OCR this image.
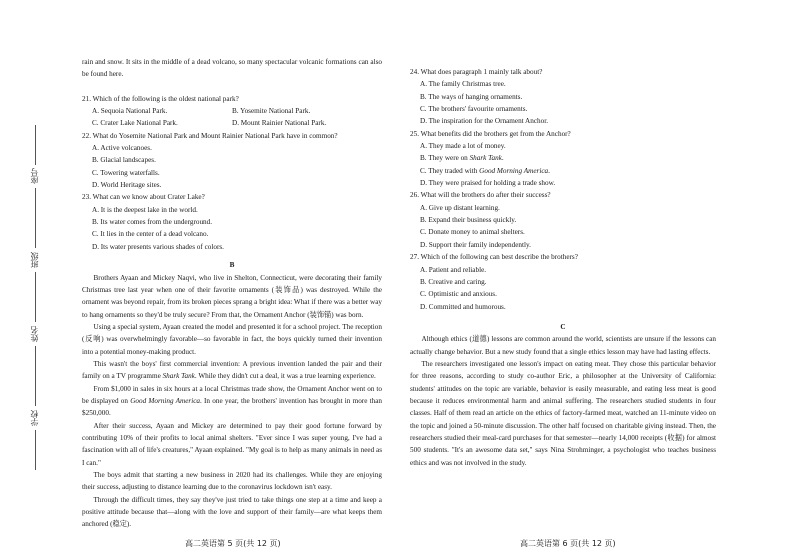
座号
班级
姓名
学校

rain and snow. It sits in the middle of a dead volcano, so many spectacular volcanic formations can also be found here.

21. Which of the following is the oldest national park?

A. Sequoia National Park.	B. Yosemite National Park.
C. Crater Lake National Park.	D. Mount Rainier National Park.

22. What do Yosemite National Park and Mount Rainier National Park have in common?

A. Active volcanoes.

B. Glacial landscapes.

C. Towering waterfalls.

D. World Heritage sites.

23. What can we know about Crater Lake?

A. It is the deepest lake in the world.

B. Its water comes from the underground.

C. It lies in the center of a dead volcano.

D. Its water presents various shades of colors.

B

Brothers Ayaan and Mickey Naqvi, who live in Shelton, Connecticut, were decorating their family Christmas tree last year when one of their favorite ornaments (装饰品) was destroyed. While the ornament was beyond repair, from its broken pieces sprang a bright idea: What if there was a better way to hang ornaments so they'd be truly secure? From that, the Ornament Anchor (装饰锚) was born.

Using a special system, Ayaan created the model and presented it for a school project. The reception (反响) was overwhelmingly favorable—so favorable in fact, the boys quickly turned their invention into a potential money-making product.

This wasn't the boys' first commercial invention: A previous invention landed the pair and their family on a TV programme Shark Tank. While they didn't cut a deal, it was a true learning experience.

From $1,000 in sales in six hours at a local Christmas trade show, the Ornament Anchor went on to be displayed on Good Morning America. In one year, the brothers' invention has brought in more than $250,000.

After their success, Ayaan and Mickey are determined to pay their good fortune forward by contributing 10% of their profits to local animal shelters. "Ever since I was super young, I've had a fascination with all of life's creatures," Ayaan explained. "My goal is to help as many animals in need as I can."

The boys admit that starting a new business in 2020 had its challenges. While they are enjoying their success, adjusting to distance learning due to the coronavirus lockdown isn't easy.

Through the difficult times, they say they've just tried to take things one step at a time and keep a positive attitude because that—along with the love and support of their family—are what keeps them anchored (稳定).

高二英语第 5 页(共 12 页)

24. What does paragraph 1 mainly talk about?

A. The family Christmas tree.

B. The ways of hanging ornaments.

C. The brothers' favourite ornaments.

D. The inspiration for the Ornament Anchor.

25. What benefits did the brothers get from the Anchor?

A. They made a lot of money.

B. They were on Shark Tank.

C. They traded with Good Morning America.

D. They were praised for holding a trade show.

26. What will the brothers do after their success?

A. Give up distant learning.

B. Expand their business quickly.

C. Donate money to animal shelters.

D. Support their family independently.

27. Which of the following can best describe the brothers?

A. Patient and reliable.

B. Creative and caring.

C. Optimistic and anxious.

D. Committed and humorous.

C

Although ethics (道德) lessons are common around the world, scientists are unsure if the lessons can actually change behavior. But a new study found that a single ethics lesson may have had lasting effects.

The researchers investigated one lesson's impact on eating meat. They chose this particular behavior for three reasons, according to study co-author Eric, a philosopher at the University of California: students' attitudes on the topic are variable, behavior is easily measurable, and eating less meat is good because it reduces environmental harm and animal suffering. The researchers studied students in four classes. Half of them read an article on the ethics of factory-farmed meat, watched an 11-minute video on the topic and joined a 50-minute discussion. The other half focused on charitable giving instead. Then, the researchers studied their meal-card purchases for that semester—nearly 14,000 receipts (收据) for almost 500 students. "It's an awesome data set," says Nina Strohminger, a psychologist who teaches business ethics and was not involved in the study.

高二英语第 6 页(共 12 页)
